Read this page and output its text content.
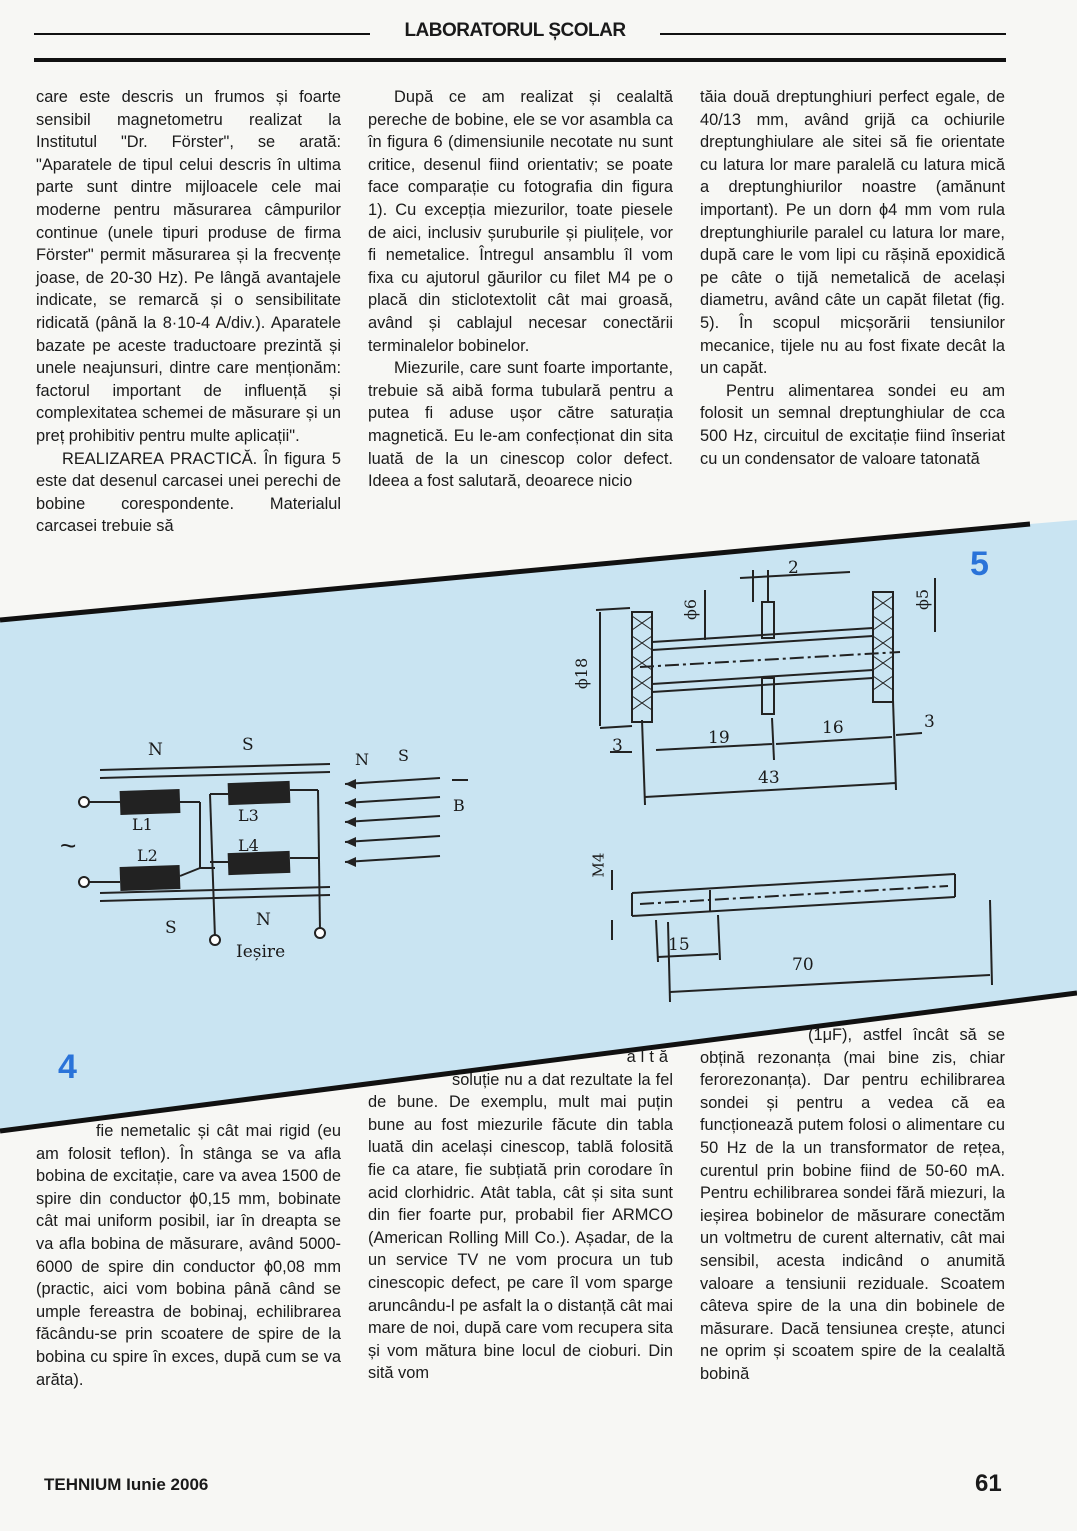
LABORATORUL ȘCOLAR

care este descris un frumos și foarte sensibil magnetometru realizat la Institutul "Dr. Förster", se arată: "Aparatele de tipul celui descris în ultima parte sunt dintre mijloacele cele mai moderne pentru măsurarea câmpurilor continue (unele tipuri produse de firma Förster" permit măsurarea și la frecvențe joase, de 20-30 Hz). Pe lângă avantajele indicate, se remarcă și o sensibilitate ridicată (până la 8·10-4 A/div.). Aparatele bazate pe aceste traductoare prezintă și unele neajunsuri, dintre care menționăm: factorul important de influență și complexitatea schemei de măsurare și un preț prohibitiv pentru multe aplicații".

REALIZAREA PRACTICĂ. În figura 5 este dat desenul carcasei unei perechi de bobine corespondente. Materialul carcasei trebuie să

După ce am realizat și cealaltă pereche de bobine, ele se vor asambla ca în figura 6 (dimensiunile necotate nu sunt critice, desenul fiind orientativ; se poate face comparație cu fotografia din figura 1). Cu excepția miezurilor, toate piesele de aici, inclusiv șuruburile și piulițele, vor fi nemetalice. Întregul ansamblu îl vom fixa cu ajutorul găurilor cu filet M4 pe o placă din sticlotextolit cât mai groasă, având și cablajul necesar conectării terminalelor bobinelor.

Miezurile, care sunt foarte importante, trebuie să aibă forma tubulară pentru a putea fi aduse ușor către saturația magnetică. Eu le-am confecționat din sita luată de la un cinescop color defect. Ideea a fost salutară, deoarece nicio

tăia două dreptunghiuri perfect egale, de 40/13 mm, având grijă ca ochiurile dreptunghiulare ale sitei să fie orientate cu latura lor mare paralelă cu latura mică a dreptunghiurilor noastre (amănunt important). Pe un dorn ϕ4 mm vom rula dreptunghiurile paralel cu latura lor mare, după care le vom lipi cu rășină epoxidică pe câte o tijă nemetalică de același diametru, având câte un capăt filetat (fig. 5). În scopul micșorării tensiunilor mecanice, tijele nu au fost fixate decât la un capăt.

Pentru alimentarea sondei eu am folosit un semnal dreptunghiular de cca 500 Hz, circuitul de excitație fiind înseriat cu un condensator de valoare tatonată

N	S
L1
L2
L3
L4
S	N
Ieșire
~
N S
B
4
ϕ6
2
ϕ5
ϕ18
3	19	16	3
43
M4
15
70
5

fie nemetalic și cât mai rigid (eu am folosit teflon). În stânga se va afla bobina de excitație, care va avea 1500 de spire din conductor ϕ0,15 mm, bobinate cât mai uniform posibil, iar în dreapta se va afla bobina de măsurare, având 5000-6000 de spire din conductor ϕ0,08 mm (practic, aici vom bobina până când se umple fereastra de bobinaj, echilibrarea făcându-se prin scoatere de spire de la bobina cu spire în exces, după cum se va arăta).

altă

soluție nu a dat rezultate la fel de bune. De exemplu, mult mai puțin bune au fost miezurile făcute din tabla luată din același cinescop, tablă folosită fie ca atare, fie subțiată prin corodare în acid clorhidric. Atât tabla, cât și sita sunt din fier foarte pur, probabil fier ARMCO (American Rolling Mill Co.). Așadar, de la un service TV ne vom procura un tub cinescopic defect, pe care îl vom sparge aruncându-l pe asfalt la o distanță cât mai mare de noi, după care vom recupera sita și vom mătura bine locul de cioburi. Din sită vom

(1μF), astfel încât să se obțină rezonanța (mai bine zis, chiar ferorezonanța). Dar pentru echilibrarea sondei și pentru a vedea că ea funcționează putem folosi o alimentare cu 50 Hz de la un transformator de rețea, curentul prin bobine fiind de 50-60 mA. Pentru echilibrarea sondei fără miezuri, la ieșirea bobinelor de măsurare conectăm un voltmetru de curent alternativ, cât mai sensibil, acesta indicând o anumită valoare a tensiunii reziduale. Scoatem câteva spire de la una din bobinele de măsurare. Dacă tensiunea crește, atunci ne oprim și scoatem spire de la cealaltă bobină

TEHNIUM Iunie 2006	61
